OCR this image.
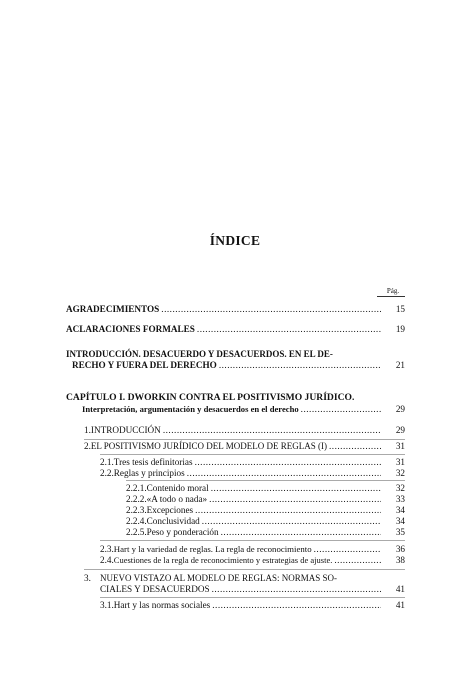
ÍNDICE
Pág.
AGRADECIMIENTOS .....	15
ACLARACIONES FORMALES .....	19
INTRODUCCIÓN. DESACUERDO Y DESACUERDOS. EN EL DE-
RECHO Y FUERA DEL DERECHO .....	21
CAPÍTULO I. DWORKIN CONTRA EL POSITIVISMO JURÍDICO.
Interpretación, argumentación y desacuerdos en el derecho .....	29
1. INTRODUCCIÓN .....	29
2. EL POSITIVISMO JURÍDICO DEL MODELO DE REGLAS (I) .....	31
2.1. Tres tesis definitorias .....	31
2.2. Reglas y principios .....	32
2.2.1. Contenido moral .....	32
2.2.2. «A todo o nada» .....	33
2.2.3. Excepciones .....	34
2.2.4. Conclusividad .....	34
2.2.5. Peso y ponderación .....	35
2.3. Hart y la variedad de reglas. La regla de reconocimiento .....	36
2.4. Cuestiones de la regla de reconocimiento y estrategias de ajuste. .....	38
3.	NUEVO VISTAZO AL MODELO DE REGLAS: NORMAS SO-
CIALES Y DESACUERDOS .....	41
3.1. Hart y las normas sociales .....	41
